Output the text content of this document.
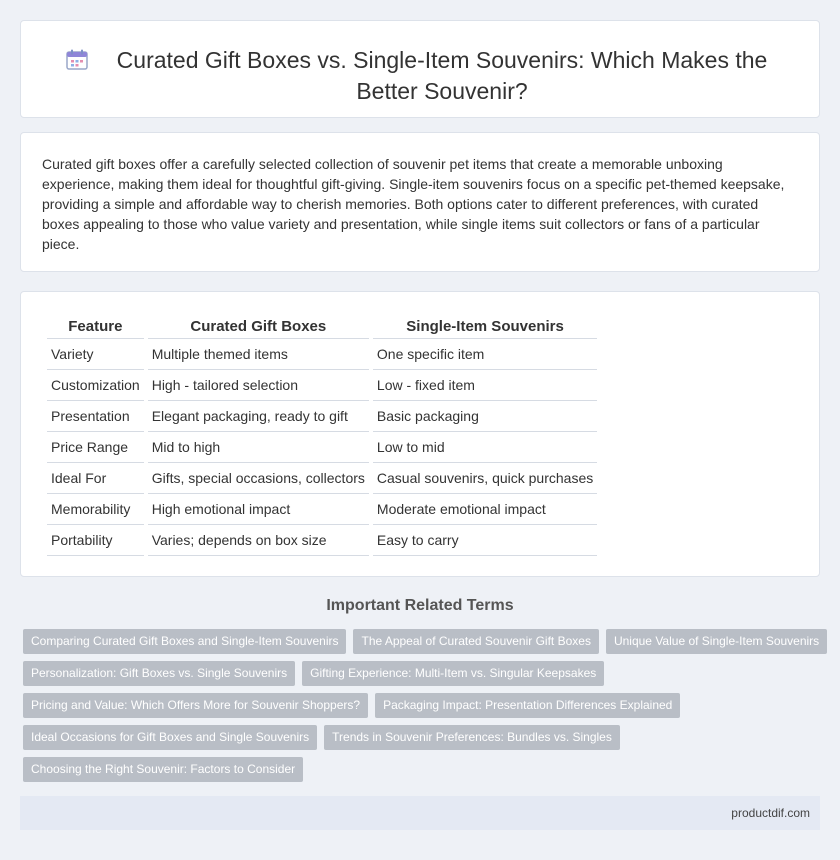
Curated Gift Boxes vs. Single-Item Souvenirs: Which Makes the Better Souvenir?

Curated gift boxes offer a carefully selected collection of souvenir pet items that create a memorable unboxing experience, making them ideal for thoughtful gift-giving. Single-item souvenirs focus on a specific pet-themed keepsake, providing a simple and affordable way to cherish memories. Both options cater to different preferences, with curated boxes appealing to those who value variety and presentation, while single items suit collectors or fans of a particular piece.

Feature	Curated Gift Boxes	Single-Item Souvenirs
Variety	Multiple themed items	One specific item
Customization	High - tailored selection	Low - fixed item
Presentation	Elegant packaging, ready to gift	Basic packaging
Price Range	Mid to high	Low to mid
Ideal For	Gifts, special occasions, collectors	Casual souvenirs, quick purchases
Memorability	High emotional impact	Moderate emotional impact
Portability	Varies; depends on box size	Easy to carry
Important Related Terms
Comparing Curated Gift Boxes and Single-Item Souvenirs	The Appeal of Curated Souvenir Gift Boxes	Unique Value of Single-Item Souvenirs
Personalization: Gift Boxes vs. Single Souvenirs	Gifting Experience: Multi-Item vs. Singular Keepsakes
Pricing and Value: Which Offers More for Souvenir Shoppers?	Packaging Impact: Presentation Differences Explained
Ideal Occasions for Gift Boxes and Single Souvenirs	Trends in Souvenir Preferences: Bundles vs. Singles
Choosing the Right Souvenir: Factors to Consider
productdif.com
